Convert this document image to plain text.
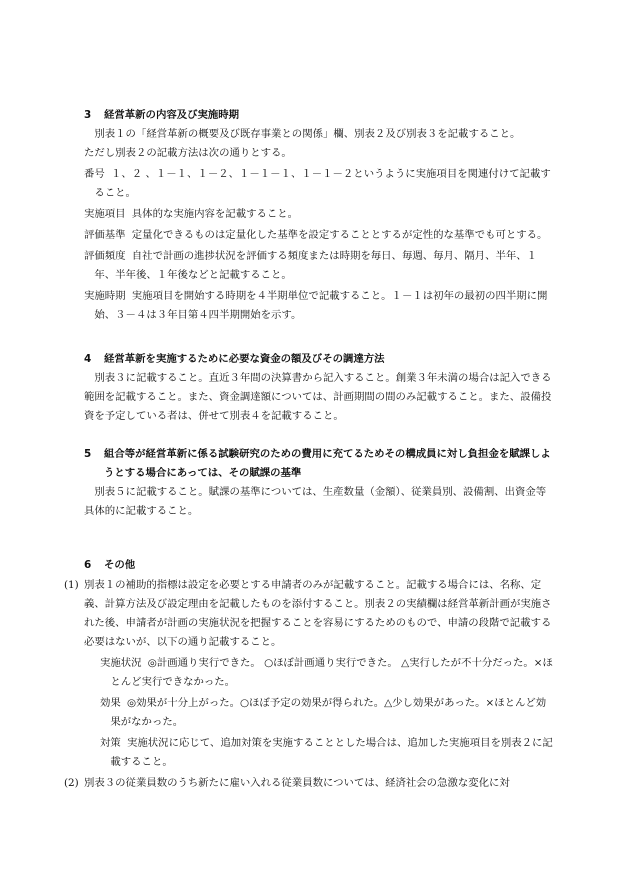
3 経営革新の内容及び実施時期

別表１の「経営革新の概要及び既存事業との関係」欄、別表２及び別表３を記載すること。

ただし別表２の記載方法は次の通りとする。

番号 １、２ 、１－１、１－２、１－１－１、１－１－２というように実施項目を関連付けて記載すること。

実施項目 具体的な実施内容を記載すること。

評価基準 定量化できるものは定量化した基準を設定することとするが定性的な基準でも可とする。

評価頻度 自社で計画の進捗状況を評価する頻度または時期を毎日、毎週、毎月、隔月、半年、１年、半年後、１年後などと記載すること。

実施時期 実施項目を開始する時期を４半期単位で記載すること。１－１は初年の最初の四半期に開始、３－４は３年目第４四半期開始を示す。

4 経営革新を実施するために必要な資金の額及びその調達方法

別表３に記載すること。直近３年間の決算書から記入すること。創業３年未満の場合は記入できる範囲を記載すること。また、資金調達額については、計画期間の間のみ記載すること。また、設備投資を予定している者は、併せて別表４を記載すること。

5 組合等が経営革新に係る試験研究のための費用に充てるためその構成員に対し負担金を賦課しようとする場合にあっては、その賦課の基準

別表５に記載すること。賦課の基準については、生産数量（金額）、従業員別、設備割、出資金等具体的に記載すること。

6 その他

(1) 別表１の補助的指標は設定を必要とする申請者のみが記載すること。記載する場合には、名称、定義、計算方法及び設定理由を記載したものを添付すること。別表２の実績欄は経営革新計画が実施された後、申請者が計画の実施状況を把握することを容易にするためのもので、申請の段階で記載する必要はないが、以下の通り記載すること。

実施状況 ◎計画通り実行できた。 ○ほぼ計画通り実行できた。 △実行したが不十分だった。×ほとんど実行できなかった。

効果 ◎効果が十分上がった。○ほぼ予定の効果が得られた。△少し効果があった。×ほとんど効果がなかった。

対策 実施状況に応じて、追加対策を実施することとした場合は、追加した実施項目を別表２に記載すること。

(2) 別表３の従業員数のうち新たに雇い入れる従業員数については、経済社会の急激な変化に対
